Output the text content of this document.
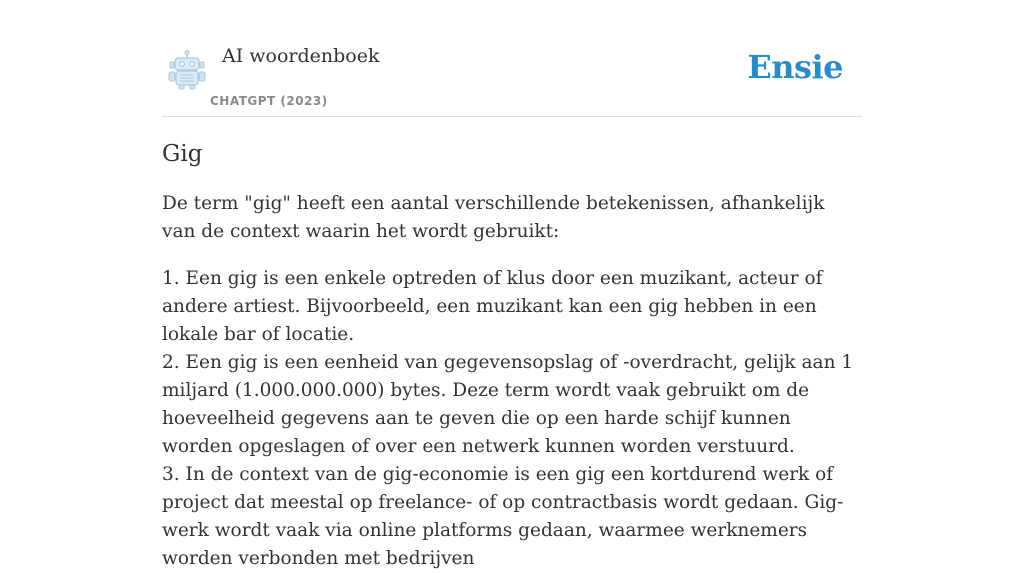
AI woordenboek
CHATGPT (2023)
Ensie
Gig

De term "gig" heeft een aantal verschillende betekenissen, afhankelijk van de context waarin het wordt gebruikt:

1. Een gig is een enkele optreden of klus door een muzikant, acteur of andere artiest. Bijvoorbeeld, een muzikant kan een gig hebben in een lokale bar of locatie.
2. Een gig is een eenheid van gegevensopslag of -overdracht, gelijk aan 1 miljard (1.000.000.000) bytes. Deze term wordt vaak gebruikt om de hoeveelheid gegevens aan te geven die op een harde schijf kunnen worden opgeslagen of over een netwerk kunnen worden verstuurd.
3. In de context van de gig-economie is een gig een kortdurend werk of project dat meestal op freelance- of op contractbasis wordt gedaan. Gig-werk wordt vaak via online platforms gedaan, waarmee werknemers worden verbonden met bedrijven
